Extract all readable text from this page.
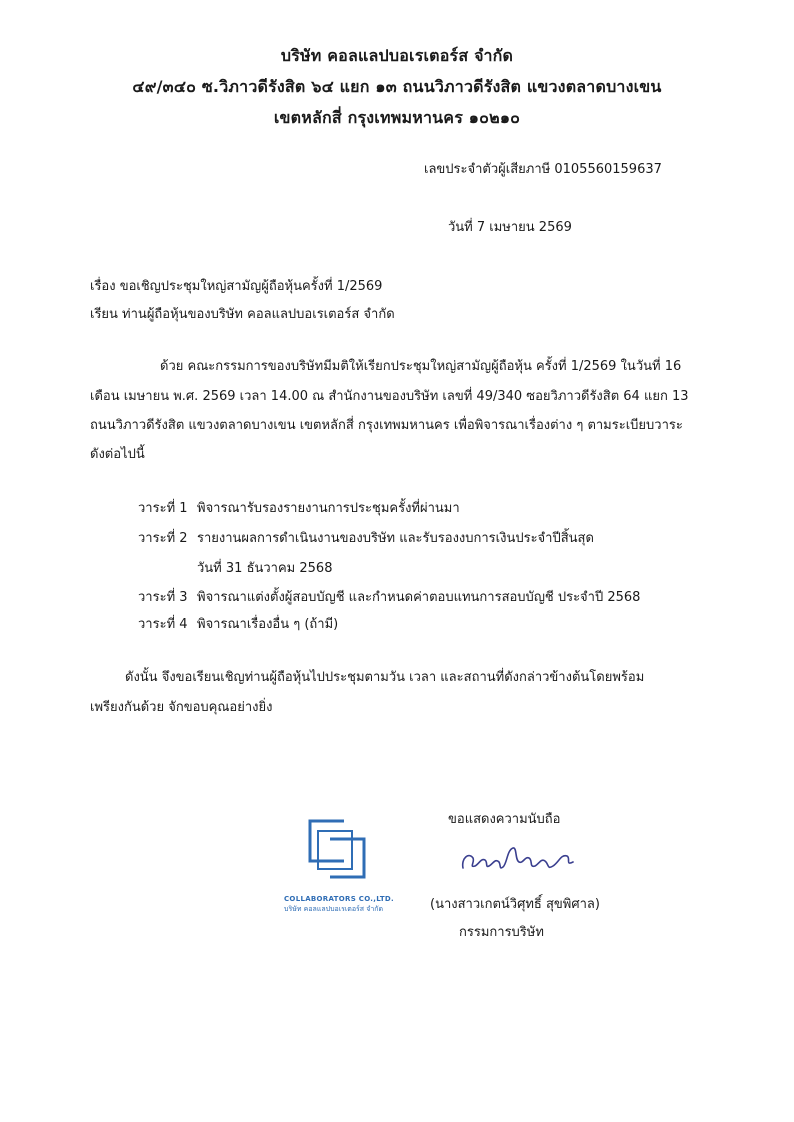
บริษัท คอลแลปบอเรเตอร์ส จำกัด
๔๙/๓๔๐ ซ.วิภาวดีรังสิต ๖๔ แยก ๑๓ ถนนวิภาวดีรังสิต แขวงตลาดบางเขน
เขตหลักสี่ กรุงเทพมหานคร ๑๐๒๑๐
เลขประจำตัวผู้เสียภาษี 0105560159637
วันที่ 7 เมษายน 2569
เรื่อง ขอเชิญประชุมใหญ่สามัญผู้ถือหุ้นครั้งที่ 1/2569
เรียน ท่านผู้ถือหุ้นของบริษัท คอลแลปบอเรเตอร์ส จำกัด
ด้วย คณะกรรมการของบริษัทมีมติให้เรียกประชุมใหญ่สามัญผู้ถือหุ้น ครั้งที่ 1/2569 ในวันที่ 16
เดือน เมษายน พ.ศ. 2569 เวลา 14.00 ณ สำนักงานของบริษัท เลขที่ 49/340 ซอยวิภาวดีรังสิต 64 แยก 13
ถนนวิภาวดีรังสิต แขวงตลาดบางเขน เขตหลักสี่ กรุงเทพมหานคร เพื่อพิจารณาเรื่องต่าง ๆ ตามระเบียบวาระ
ดังต่อไปนี้
วาระที่ 1 พิจารณารับรองรายงานการประชุมครั้งที่ผ่านมา
วาระที่ 2 รายงานผลการดำเนินงานของบริษัท และรับรองงบการเงินประจำปีสิ้นสุด
วันที่ 31 ธันวาคม 2568
วาระที่ 3 พิจารณาแต่งตั้งผู้สอบบัญชี และกำหนดค่าตอบแทนการสอบบัญชี ประจำปี 2568
วาระที่ 4 พิจารณาเรื่องอื่น ๆ (ถ้ามี)
ดังนั้น จึงขอเรียนเชิญท่านผู้ถือหุ้นไปประชุมตามวัน เวลา และสถานที่ดังกล่าวข้างต้นโดยพร้อม
เพรียงกันด้วย จักขอบคุณอย่างยิ่ง
ขอแสดงความนับถือ
(นางสาวเกตน์วิศุทธิ์ สุขพิศาล)
กรรมการบริษัท
COLLABORATORS CO.,LTD.
บริษัท คอลแลปบอเรเตอร์ส จำกัด
